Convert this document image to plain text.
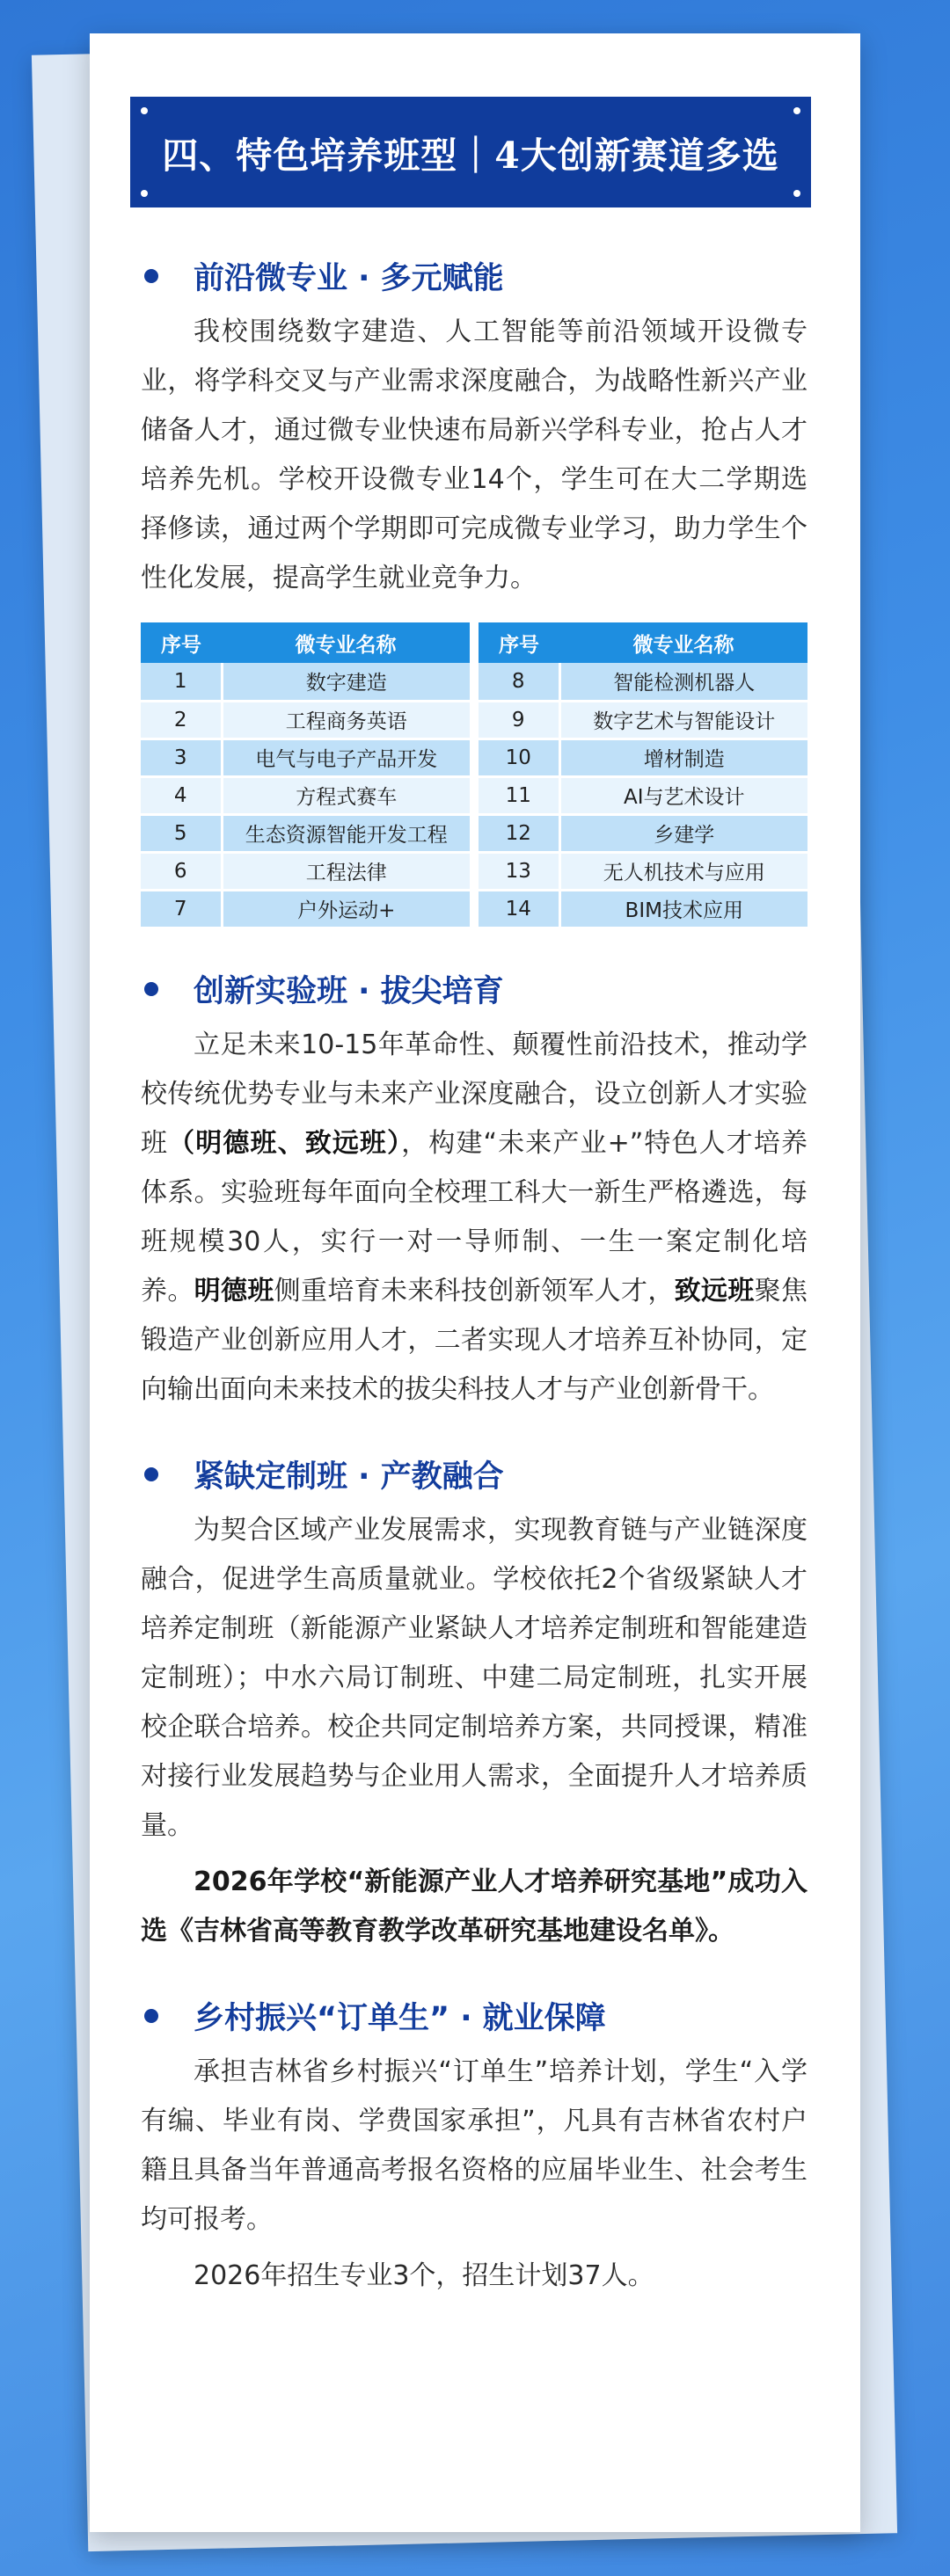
四、特色培养班型｜4大创新赛道多选
前沿微专业 · 多元赋能

我校围绕数字建造、人工智能等前沿领域开设微专业，将学科交叉与产业需求深度融合，为战略性新兴产业储备人才，通过微专业快速布局新兴学科专业，抢占人才培养先机。学校开设微专业14个，学生可在大二学期选择修读，通过两个学期即可完成微专业学习，助力学生个性化发展，提高学生就业竞争力。

序号	微专业名称
1	数字建造
2	工程商务英语
3	电气与电子产品开发
4	方程式赛车
5	生态资源智能开发工程
6	工程法律
7	户外运动+
序号	微专业名称
8	智能检测机器人
9	数字艺术与智能设计
10	增材制造
11	AI与艺术设计
12	乡建学
13	无人机技术与应用
14	BIM技术应用
创新实验班 · 拔尖培育

立足未来10-15年革命性、颠覆性前沿技术，推动学校传统优势专业与未来产业深度融合，设立创新人才实验班（明德班、致远班），构建“未来产业+”特色人才培养体系。实验班每年面向全校理工科大一新生严格遴选，每班规模30人，实行一对一导师制、一生一案定制化培养。明德班侧重培育未来科技创新领军人才，致远班聚焦锻造产业创新应用人才，二者实现人才培养互补协同，定向输出面向未来技术的拔尖科技人才与产业创新骨干。

紧缺定制班 · 产教融合

为契合区域产业发展需求，实现教育链与产业链深度融合，促进学生高质量就业。学校依托2个省级紧缺人才培养定制班（新能源产业紧缺人才培养定制班和智能建造定制班）；中水六局订制班、中建二局定制班，扎实开展校企联合培养。校企共同定制培养方案，共同授课，精准对接行业发展趋势与企业用人需求，全面提升人才培养质量。

2026年学校“新能源产业人才培养研究基地”成功入选《吉林省高等教育教学改革研究基地建设名单》。

乡村振兴“订单生” · 就业保障

承担吉林省乡村振兴“订单生”培养计划，学生“入学有编、毕业有岗、学费国家承担”，凡具有吉林省农村户籍且具备当年普通高考报名资格的应届毕业生、社会考生均可报考。

2026年招生专业3个，招生计划37人。
